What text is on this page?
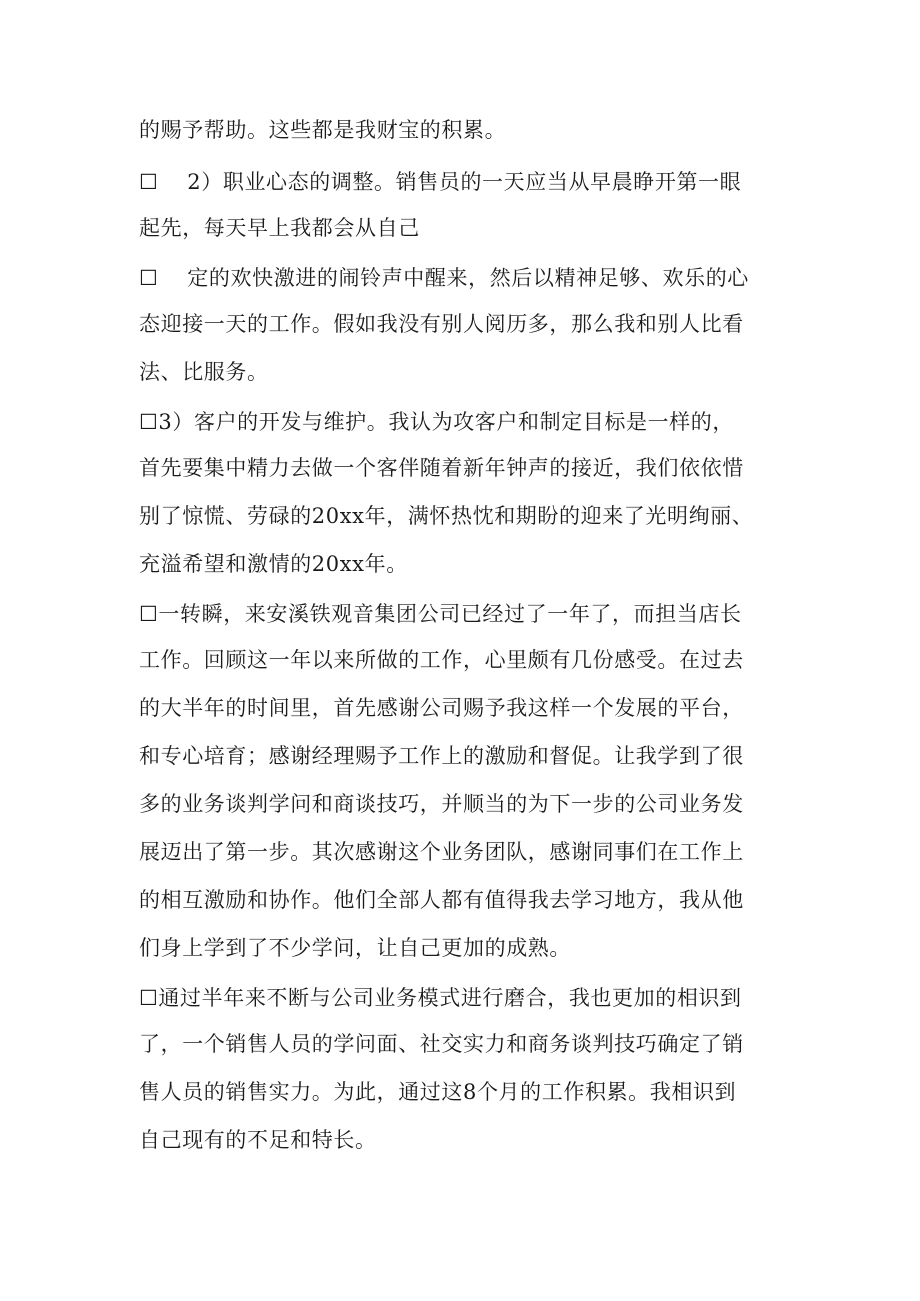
的赐予帮助。这些都是我财宝的积累。
☐　 2）职业心态的调整。销售员的一天应当从早晨睁开第一眼
起先，每天早上我都会从自己
☐　 定的欢快激进的闹铃声中醒来，然后以精神足够、欢乐的心
态迎接一天的工作。假如我没有别人阅历多，那么我和别人比看
法、比服务。
☐3）客户的开发与维护。我认为攻客户和制定目标是一样的，
首先要集中精力去做一个客伴随着新年钟声的接近，我们依依惜
别了惊慌、劳碌的20xx年，满怀热忱和期盼的迎来了光明绚丽、
充溢希望和激情的20xx年。
☐一转瞬，来安溪铁观音集团公司已经过了一年了，而担当店长
工作。回顾这一年以来所做的工作，心里颇有几份感受。在过去
的大半年的时间里，首先感谢公司赐予我这样一个发展的平台，
和专心培育；感谢经理赐予工作上的激励和督促。让我学到了很
多的业务谈判学问和商谈技巧，并顺当的为下一步的公司业务发
展迈出了第一步。其次感谢这个业务团队，感谢同事们在工作上
的相互激励和协作。他们全部人都有值得我去学习地方，我从他
们身上学到了不少学问，让自己更加的成熟。
☐通过半年来不断与公司业务模式进行磨合，我也更加的相识到
了，一个销售人员的学问面、社交实力和商务谈判技巧确定了销
售人员的销售实力。为此，通过这8个月的工作积累。我相识到
自己现有的不足和特长。
